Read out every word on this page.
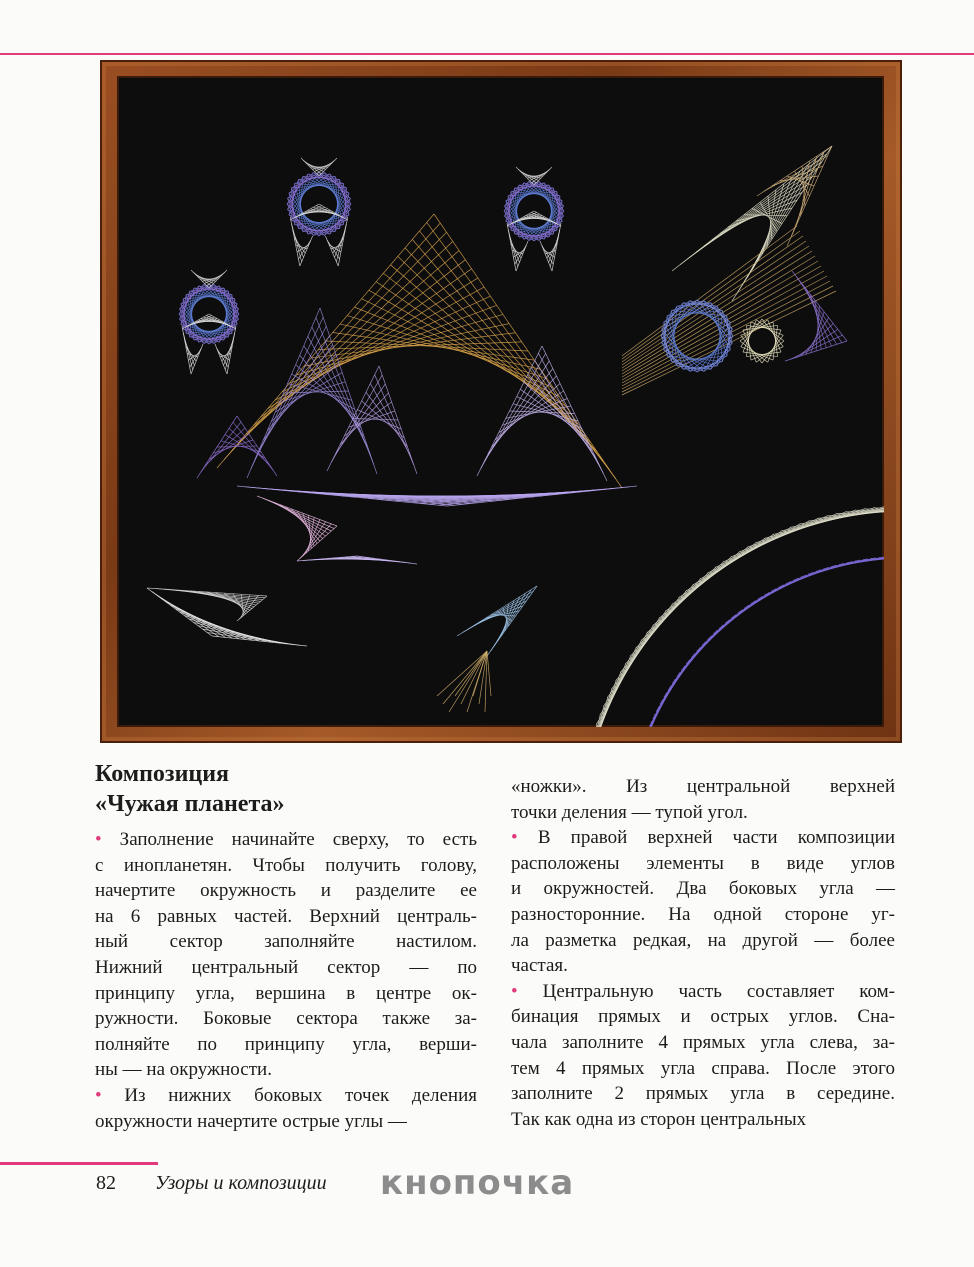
Композиция
«Чужая планета»

• Заполнение начинайте сверху, то есть

с инопланетян. Чтобы получить голову,

начертите окружность и разделите ее

на 6 равных частей. Верхний централь-

ный сектор заполняйте настилом.

Нижний центральный сектор — по

принципу угла, вершина в центре ок-

ружности. Боковые сектора также за-

полняйте по принципу угла, верши-

ны — на окружности.

• Из нижних боковых точек деления

окружности начертите острые углы —

«ножки». Из центральной верхней

точки деления — тупой угол.

• В правой верхней части композиции

расположены элементы в виде углов

и окружностей. Два боковых угла —

разносторонние. На одной стороне уг-

ла разметка редкая, на другой — более

частая.

• Центральную часть составляет ком-

бинация прямых и острых углов. Сна-

чала заполните 4 прямых угла слева, за-

тем 4 прямых угла справа. После этого

заполните 2 прямых угла в середине.

Так как одна из сторон центральных

82 Узоры и композиции кнопочка
